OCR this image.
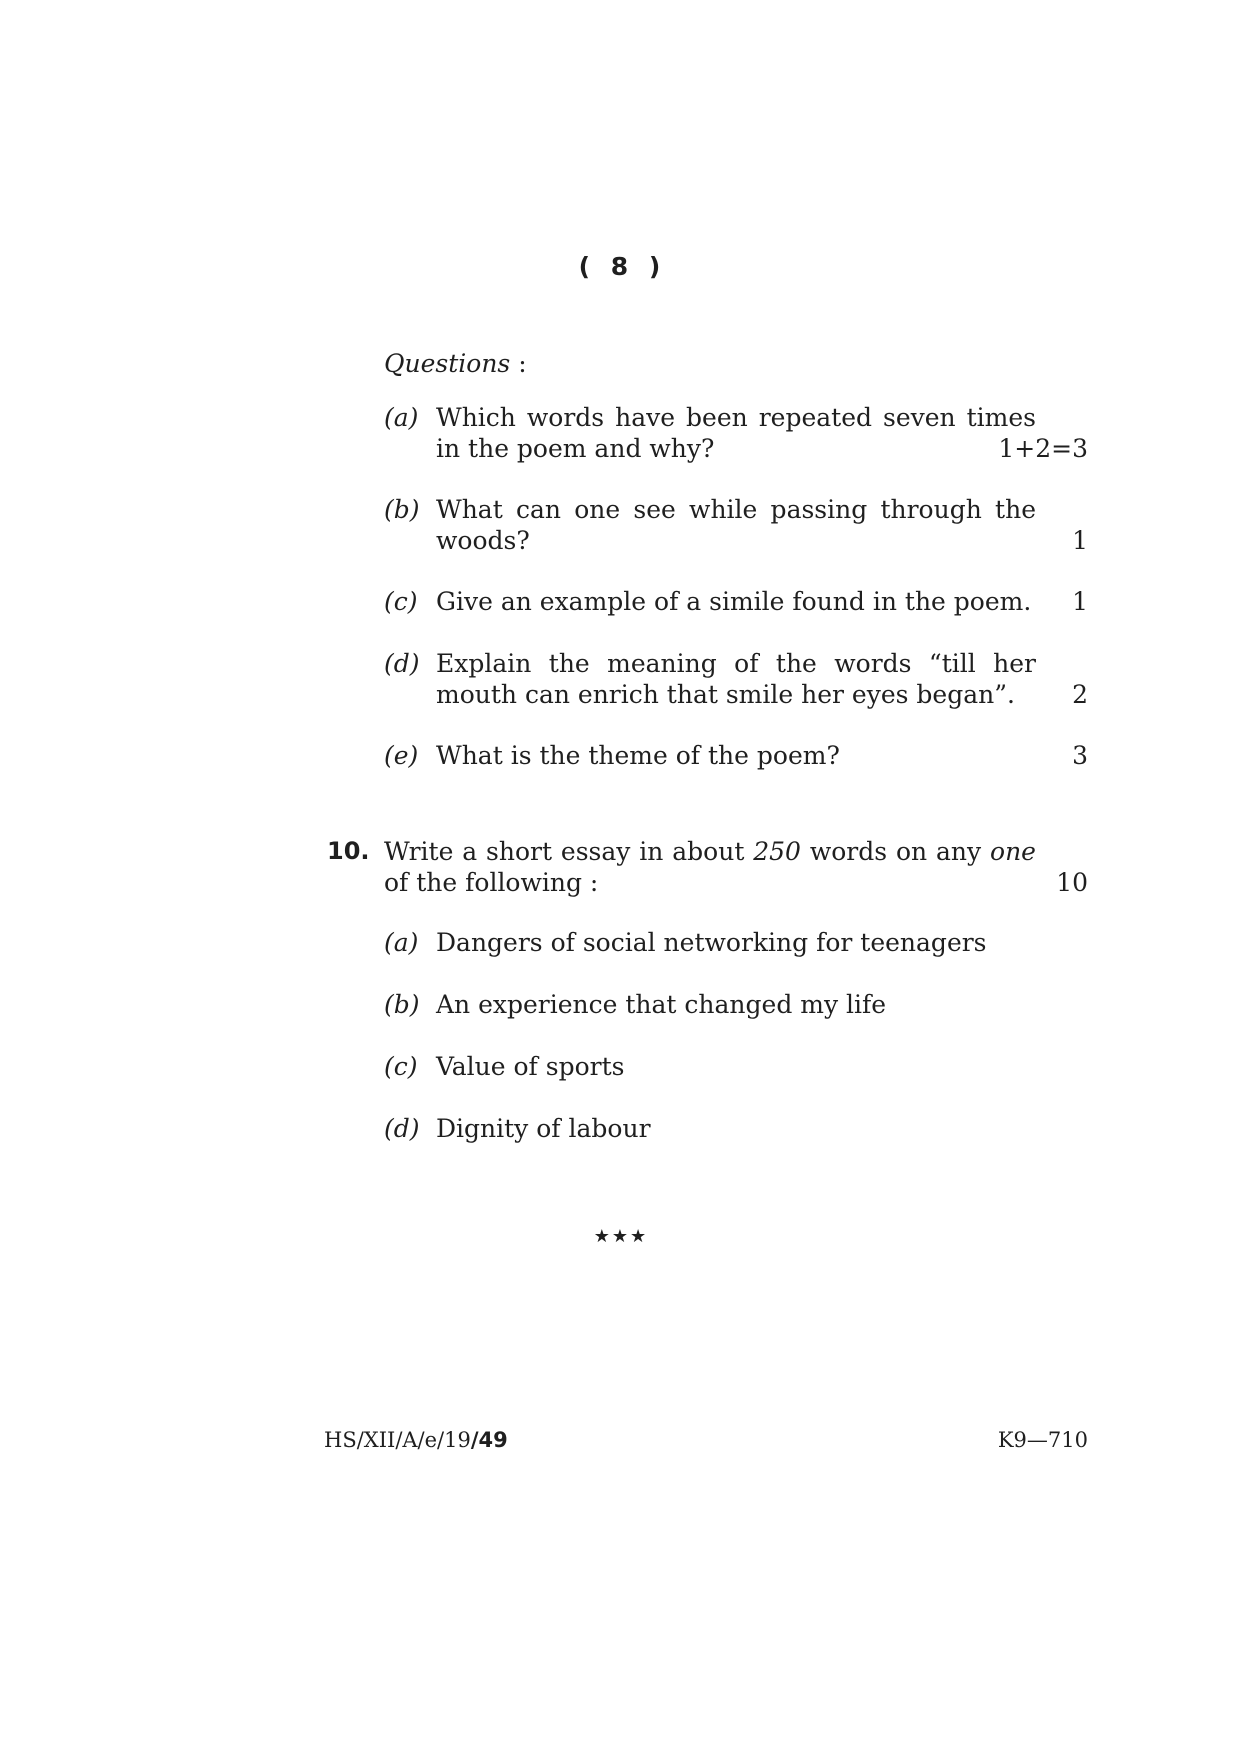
( 8 )
Questions :
(a) Which words have been repeated seven times in the poem and why?	1+2=3
(b) What can one see while passing through the woods?	1
(c) Give an example of a simile found in the poem. 1
(d) Explain the meaning of the words “till her mouth can enrich that smile her eyes began”.	2
(e) What is the theme of the poem?	3
10. Write a short essay in about 250 words on any one of the following :	10
(a) Dangers of social networking for teenagers
(b) An experience that changed my life
(c) Value of sports
(d) Dignity of labour
★★★
HS/XII/A/e/19/49	K9—710
